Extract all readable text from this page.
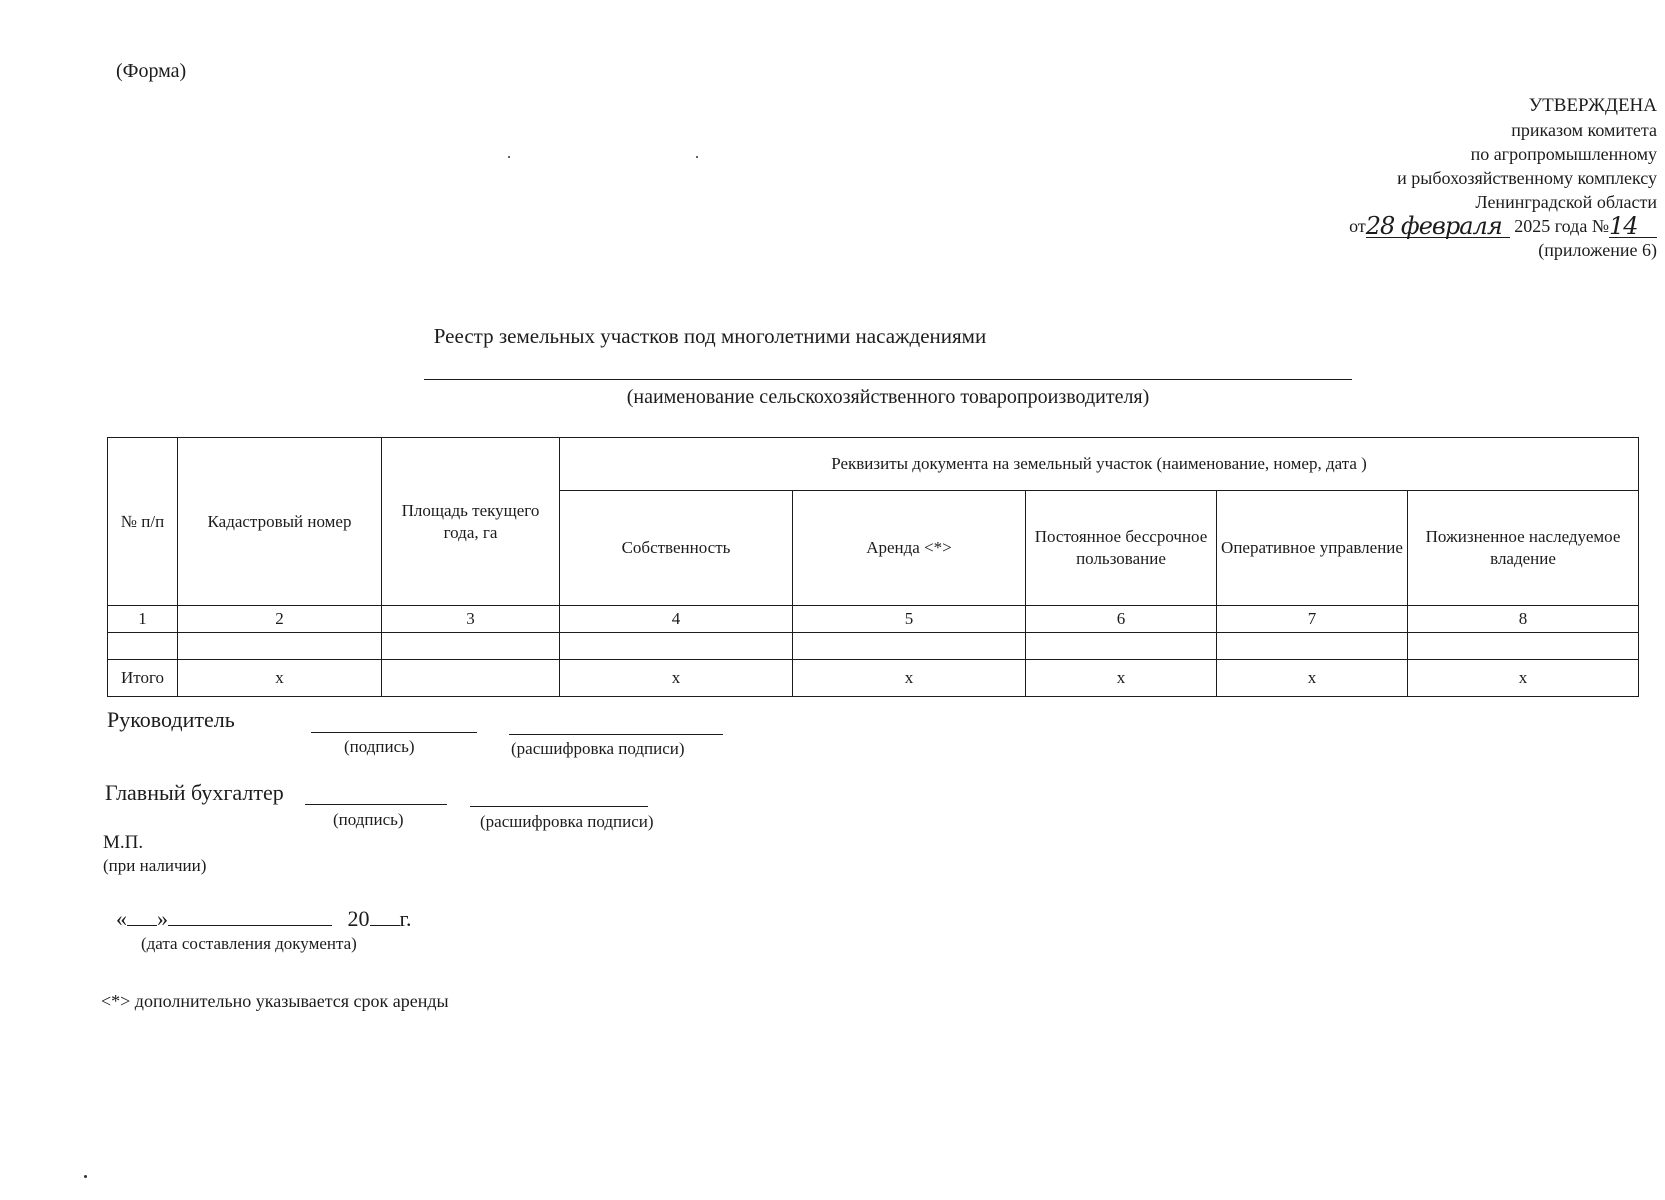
(Форма)
УТВЕРЖДЕНА
приказом комитета
по агропромышленному
и рыбохозяйственному комплексу
Ленинградской области
от28 февраля 2025 года №14
(приложение 6)
Реестр земельных участков под многолетними насаждениями
(наименование сельскохозяйственного товаропроизводителя)
№ п/п	Кадастровый номер	Площадь текущего года, га	Реквизиты документа на земельный участок (наименование, номер, дата )				
			Собственность	Аренда <*>	Постоянное бессрочное пользование	Оперативное управление	Пожизненное наследуемое владение
1	2	3	4	5	6	7	8

Итого	х		х	х	х	х	х
Руководитель
(подпись)	(расшифровка подписи)
Главный бухгалтер
(подпись)	(расшифровка подписи)
М.П.
(при наличии)
« »	20 г.
(дата составления документа)
<*> дополнительно указывается срок аренды
